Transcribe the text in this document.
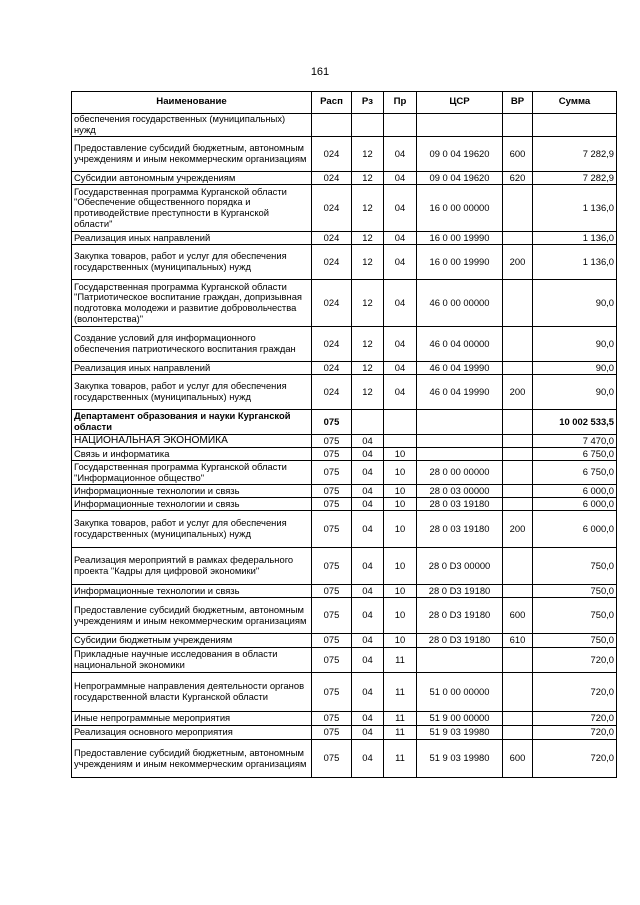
161
Наименование	Расп	Рз	Пр	ЦСР	ВР	Сумма
обеспечения государственных (муниципальных) нужд						
Предоставление субсидий бюджетным, автономным учреждениям и иным некоммерческим организациям	024	12	04	09 0 04 19620	600	7 282,9
Субсидии автономным учреждениям	024	12	04	09 0 04 19620	620	7 282,9
Государственная программа Курганской области "Обеспечение общественного порядка и противодействие преступности в Курганской области"	024	12	04	16 0 00 00000		1 136,0
Реализация иных направлений	024	12	04	16 0 00 19990		1 136,0
Закупка товаров, работ и услуг для обеспечения государственных (муниципальных) нужд	024	12	04	16 0 00 19990	200	1 136,0
Государственная программа Курганской области "Патриотическое воспитание граждан, допризывная подготовка молодежи и развитие добровольчества (волонтерства)"	024	12	04	46 0 00 00000		90,0
Создание условий для информационного обеспечения патриотического воспитания граждан	024	12	04	46 0 04 00000		90,0
Реализация иных направлений	024	12	04	46 0 04 19990		90,0
Закупка товаров, работ и услуг для обеспечения государственных (муниципальных) нужд	024	12	04	46 0 04 19990	200	90,0
Департамент образования и науки Курганской области	075					10 002 533,5
НАЦИОНАЛЬНАЯ ЭКОНОМИКА	075	04				7 470,0
Связь и информатика	075	04	10			6 750,0
Государственная программа Курганской области "Информационное общество"	075	04	10	28 0 00 00000		6 750,0
Информационные технологии и связь	075	04	10	28 0 03 00000		6 000,0
Информационные технологии и связь	075	04	10	28 0 03 19180		6 000,0
Закупка товаров, работ и услуг для обеспечения государственных (муниципальных) нужд	075	04	10	28 0 03 19180	200	6 000,0
Реализация мероприятий в рамках федерального проекта "Кадры для цифровой экономики"	075	04	10	28 0 D3 00000		750,0
Информационные технологии и связь	075	04	10	28 0 D3 19180		750,0
Предоставление субсидий бюджетным, автономным учреждениям и иным некоммерческим организациям	075	04	10	28 0 D3 19180	600	750,0
Субсидии бюджетным учреждениям	075	04	10	28 0 D3 19180	610	750,0
Прикладные научные исследования в области национальной экономики	075	04	11			720,0
Непрограммные направления деятельности органов государственной власти Курганской области	075	04	11	51 0 00 00000		720,0
Иные непрограммные мероприятия	075	04	11	51 9 00 00000		720,0
Реализация основного мероприятия	075	04	11	51 9 03 19980		720,0
Предоставление субсидий бюджетным, автономным учреждениям и иным некоммерческим организациям	075	04	11	51 9 03 19980	600	720,0
